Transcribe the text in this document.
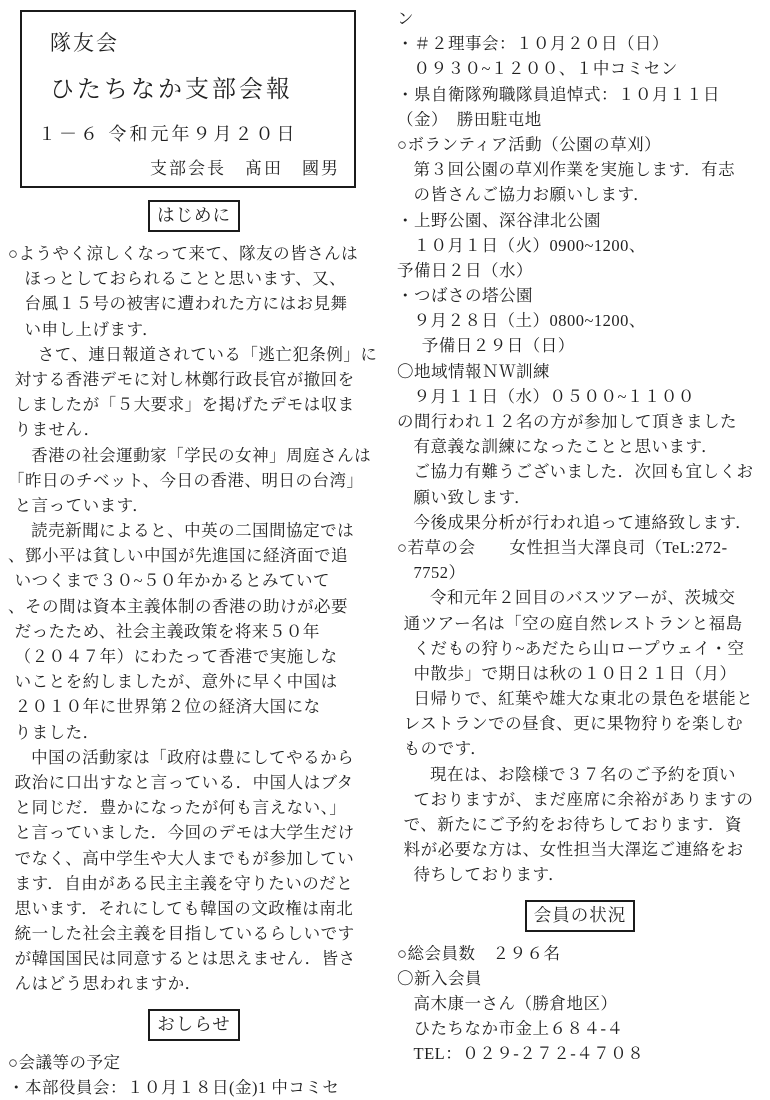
隊友会
ひたちなか支部会報
１－６ 令和元年９月２０日
支部会長　髙田　國男
はじめに
○ようやく涼しくなって来て、隊友の皆さんは
ほっとしておられることと思います、又、
台風１５号の被害に遭われた方にはお見舞
い申し上げます．
さて、連日報道されている「逃亡犯条例」に
対する香港デモに対し林鄭行政長官が撤回を
しましたが「５大要求」を掲げたデモは収ま
りません．
香港の社会運動家「学民の女神」周庭さんは
「昨日のチベット、今日の香港、明日の台湾」
と言っています．
読売新聞によると、中英の二国間協定では
、鄧小平は貧しい中国が先進国に経済面で追
いつくまで３０~５０年かかるとみていて
、その間は資本主義体制の香港の助けが必要
だったため、社会主義政策を将来５０年
（２０４７年）にわたって香港で実施しな
いことを約しましたが、意外に早く中国は
２０１０年に世界第２位の経済大国にな
りました．
中国の活動家は「政府は豊にしてやるから
政治に口出すなと言っている．中国人はブタ
と同じだ．豊かになったが何も言えない、」
と言っていました．今回のデモは大学生だけ
でなく、高中学生や大人までもが参加してい
ます．自由がある民主主義を守りたいのだと
思います．それにしても韓国の文政権は南北
統一した社会主義を目指しているらしいです
が韓国国民は同意するとは思えません．皆さ
んはどう思われますか．
おしらせ
○会議等の予定
・本部役員会：１０月１８日(金)1 中コミセ
ン
・＃２理事会：１０月２０日（日）
０９３０~１２００、１中コミセン
・県自衛隊殉職隊員追悼式：１０月１１日
（金）　勝田駐屯地
○ボランティア活動（公園の草刈）
第３回公園の草刈作業を実施します．有志
の皆さんご協力お願いします．
・上野公園、深谷津北公園
１０月１日（火）0900~1200、
予備日２日（水）
・つばさの塔公園
９月２８日（土）0800~1200、
予備日２９日（日）
〇地域情報ＮＷ訓練
９月１１日（水）０５００~１１００
の間行われ１２名の方が参加して頂きました
有意義な訓練になったことと思います．
ご協力有難うございました．次回も宜しくお
願い致します．
今後成果分析が行われ追って連絡致します．
○若草の会　　女性担当大澤良司（TeL:272-
7752）
令和元年２回目のバスツアーが、茨城交
通ツアー名は「空の庭自然レストランと福島
くだもの狩り~あだたら山ロープウェイ・空
中散歩」で期日は秋の１０日２１日（月）
日帰りで、紅葉や雄大な東北の景色を堪能と
レストランでの昼食、更に果物狩りを楽しむ
ものです．
現在は、お陰様で３７名のご予約を頂い
ておりますが、まだ座席に余裕がありますの
で、新たにご予約をお待ちしております．資
料が必要な方は、女性担当大澤迄ご連絡をお
待ちしております．
会員の状況
○総会員数　２９６名
〇新入会員
高木康一さん（勝倉地区）
ひたちなか市金上６８４-４
TEL：０２９-２７２-４７０８
